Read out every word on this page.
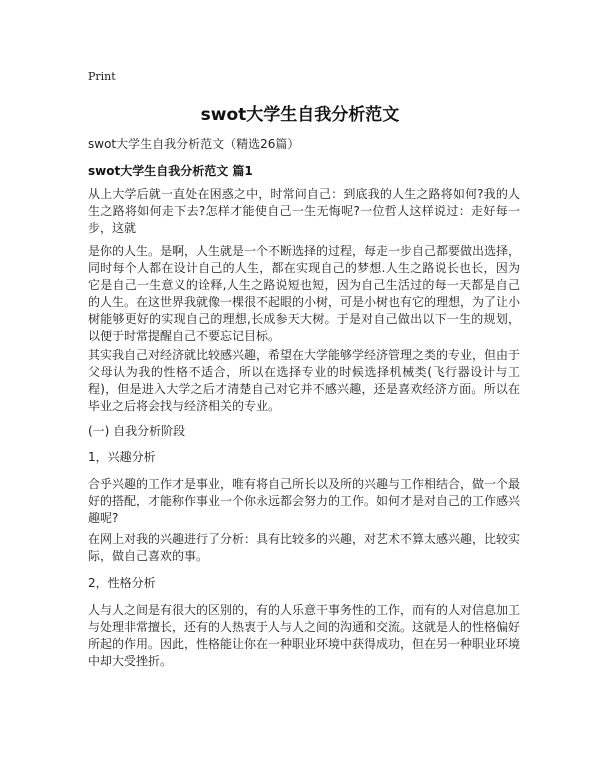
Print
swot大学生自我分析范文

swot大学生自我分析范文（精选26篇）

swot大学生自我分析范文 篇1

从上大学后就一直处在困惑之中，时常问自己：到底我的人生之路将如何?我的人生之路将如何走下去?怎样才能使自己一生无悔呢?一位哲人这样说过：走好每一步，这就

是你的人生。是啊，人生就是一个不断选择的过程，每走一步自己都要做出选择，同时每个人都在设计自己的人生，都在实现自己的梦想.人生之路说长也长，因为它是自己一生意义的诠释,人生之路说短也短，因为自己生活过的每一天都是自己的人生。在这世界我就像一棵很不起眼的小树，可是小树也有它的理想，为了让小树能够更好的实现自己的理想,长成参天大树。于是对自己做出以下一生的规划，以便于时常提醒自己不要忘记目标。

其实我自己对经济就比较感兴趣，希望在大学能够学经济管理之类的专业，但由于父母认为我的性格不适合，所以在选择专业的时候选择机械类(飞行器设计与工程)，但是进入大学之后才清楚自己对它并不感兴趣，还是喜欢经济方面。所以在毕业之后将会找与经济相关的专业。

(一) 自我分析阶段

1，兴趣分析

合乎兴趣的工作才是事业，唯有将自己所长以及所的兴趣与工作相结合，做一个最好的搭配，才能称作事业一个你永远都会努力的工作。如何才是对自己的工作感兴趣呢?

在网上对我的兴趣进行了分析：具有比较多的兴趣，对艺术不算太感兴趣，比较实际，做自己喜欢的事。

2，性格分析

人与人之间是有很大的区别的，有的人乐意干事务性的工作，而有的人对信息加工与处理非常擅长，还有的人热衷于人与人之间的沟通和交流。这就是人的性格偏好所起的作用。因此，性格能让你在一种职业环境中获得成功，但在另一种职业环境中却大受挫折。
